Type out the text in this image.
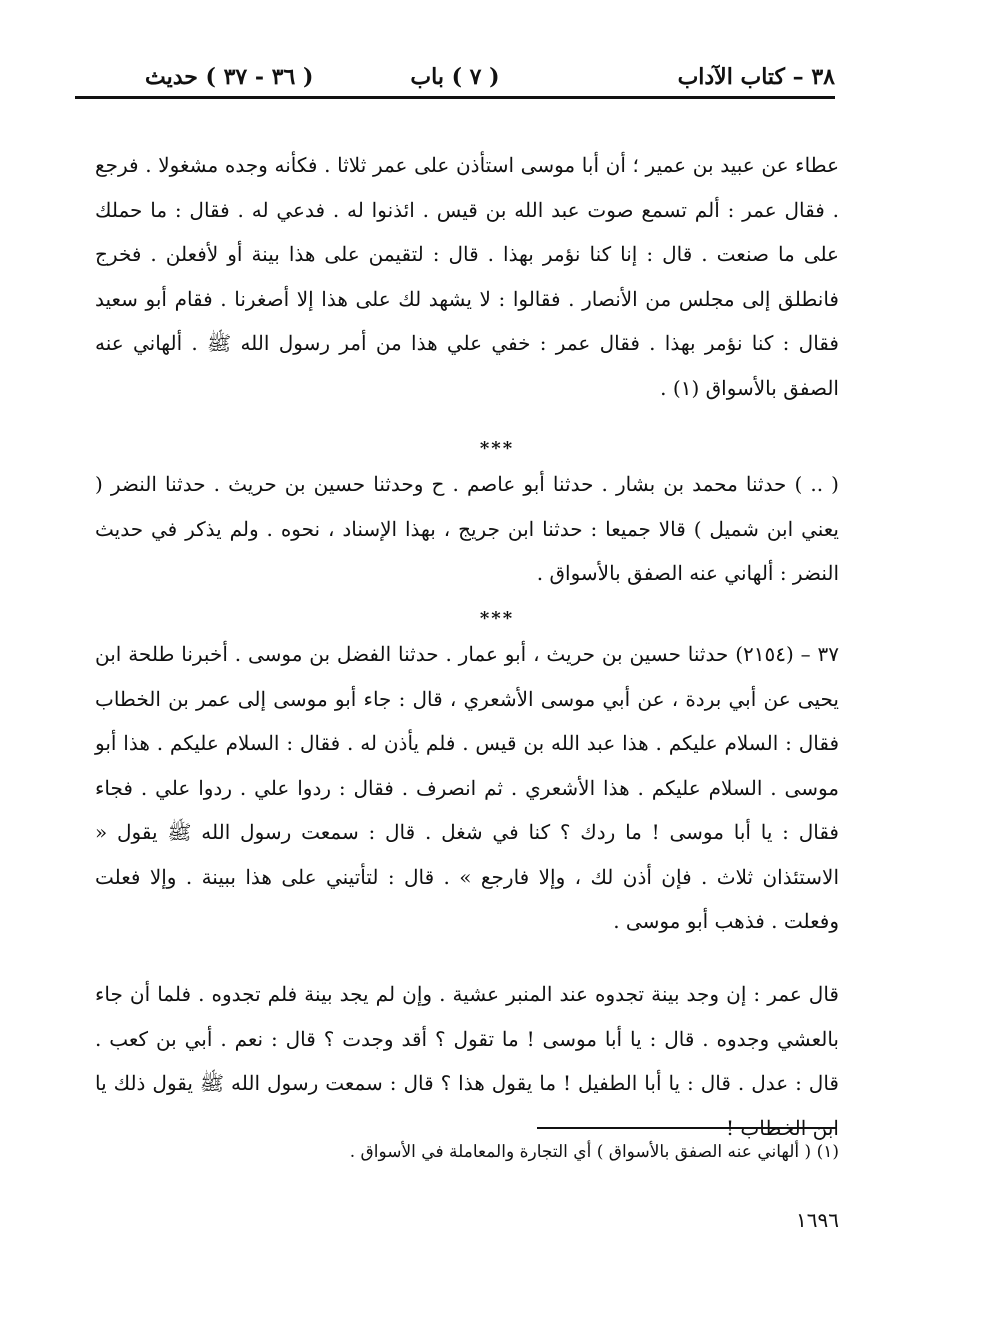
٣٨ – كتاب الآداب
( ٧ ) باب
( ٣٦ - ٣٧ ) حديث

عطاء عن عبيد بن عمير ؛ أن أبا موسى استأذن على عمر ثلاثا . فكأنه وجده مشغولا . فرجع . فقال عمر : ألم تسمع صوت عبد الله بن قيس . ائذنوا له . فدعي له . فقال : ما حملك على ما صنعت . قال : إنا كنا نؤمر بهذا . قال : لتقيمن على هذا بينة أو لأفعلن . فخرج فانطلق إلى مجلس من الأنصار . فقالوا : لا يشهد لك على هذا إلا أصغرنا . فقام أبو سعيد فقال : كنا نؤمر بهذا . فقال عمر : خفي علي هذا من أمر رسول الله ﷺ . ألهاني عنه الصفق بالأسواق (١) .

***

( .. ) حدثنا محمد بن بشار . حدثنا أبو عاصم . ح وحدثنا حسين بن حريث . حدثنا النضر ( يعني ابن شميل ) قالا جميعا : حدثنا ابن جريج ، بهذا الإسناد ، نحوه . ولم يذكر في حديث النضر : ألهاني عنه الصفق بالأسواق .

***

٣٧ – (٢١٥٤) حدثنا حسين بن حريث ، أبو عمار . حدثنا الفضل بن موسى . أخبرنا طلحة ابن يحيى عن أبي بردة ، عن أبي موسى الأشعري ، قال : جاء أبو موسى إلى عمر بن الخطاب فقال : السلام عليكم . هذا عبد الله بن قيس . فلم يأذن له . فقال : السلام عليكم . هذا أبو موسى . السلام عليكم . هذا الأشعري . ثم انصرف . فقال : ردوا علي . ردوا علي . فجاء فقال : يا أبا موسى ! ما ردك ؟ كنا في شغل . قال : سمعت رسول الله ﷺ يقول « الاستئذان ثلاث . فإن أذن لك ، وإلا فارجع » . قال : لتأتيني على هذا ببينة . وإلا فعلت وفعلت . فذهب أبو موسى .

قال عمر : إن وجد بينة تجدوه عند المنبر عشية . وإن لم يجد بينة فلم تجدوه . فلما أن جاء بالعشي وجدوه . قال : يا أبا موسى ! ما تقول ؟ أقد وجدت ؟ قال : نعم . أبي بن كعب . قال : عدل . قال : يا أبا الطفيل ! ما يقول هذا ؟ قال : سمعت رسول الله ﷺ يقول ذلك يا ابن الخطاب !

(١) ( ألهاني عنه الصفق بالأسواق ) أي التجارة والمعاملة في الأسواق .
١٦٩٦
